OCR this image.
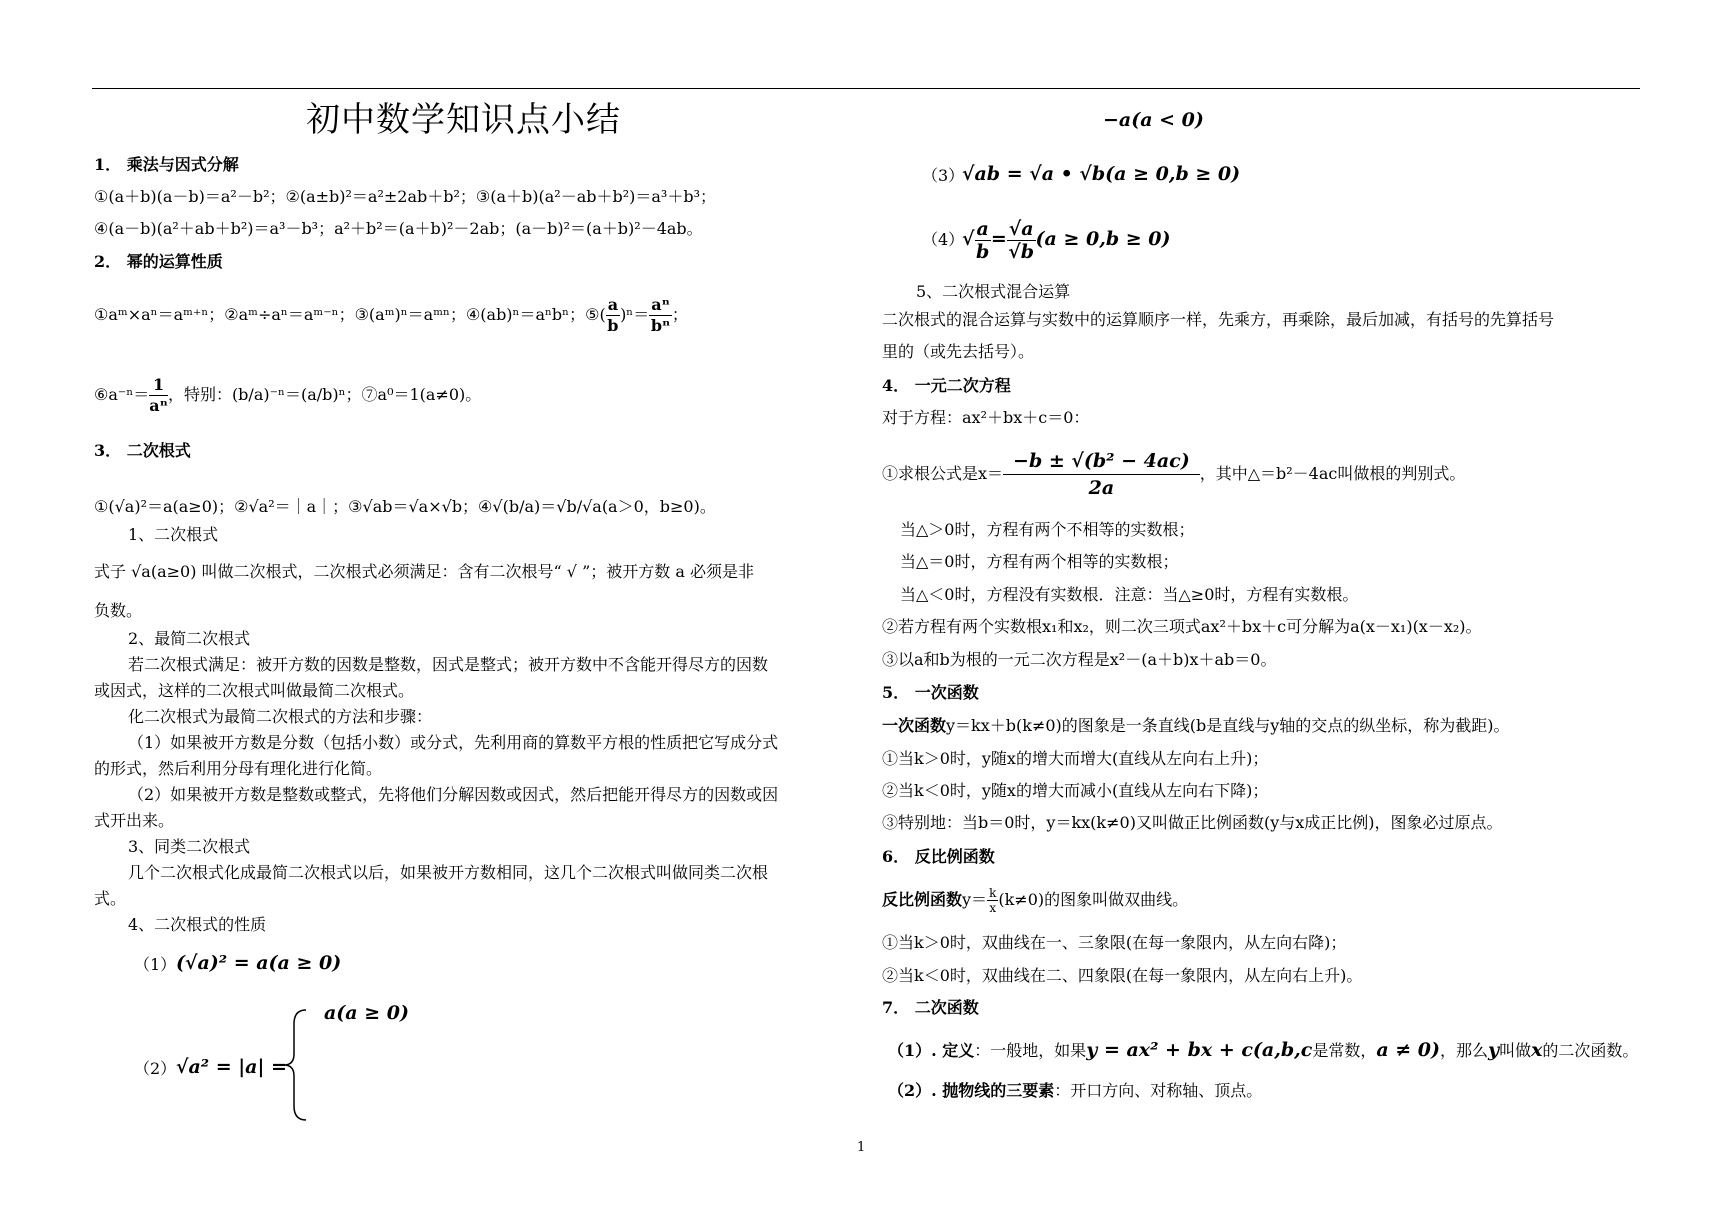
初中数学知识点小结
1． 乘法与因式分解
①(a＋b)(a－b)＝a²－b²；②(a±b)²＝a²±2ab＋b²；③(a＋b)(a²－ab＋b²)＝a³＋b³；
④(a－b)(a²＋ab＋b²)＝a³－b³；a²＋b²＝(a＋b)²－2ab；(a－b)²＝(a＋b)²－4ab。
2． 幂的运算性质
①aᵐ×aⁿ＝aᵐ⁺ⁿ；②aᵐ÷aⁿ＝aᵐ⁻ⁿ；③(aᵐ)ⁿ＝aᵐⁿ；④(ab)ⁿ＝aⁿbⁿ；⑤( $\frac{a}{b} )^n= \frac{\text{aⁿ}}{\text{bⁿ}}$ ；
⑥a⁻ⁿ＝ $\frac{1}{\text{aⁿ}}$ ，特别：(b/a)⁻ⁿ＝(a/b)ⁿ；⑦a⁰＝1(a≠0)。
3． 二次根式
①(√a)²＝a(a≥0)；②√a²＝｜a｜；③√ab＝√a×√b；④√(b/a)＝√b/√a(a＞0，b≥0)。
1、二次根式
式子 √a(a≥0) 叫做二次根式，二次根式必须满足：含有二次根号“ √ ”；被开方数 a 必须是非
负数。
2、最简二次根式
若二次根式满足：被开方数的因数是整数，因式是整式；被开方数中不含能开得尽方的因数
或因式，这样的二次根式叫做最简二次根式。
化二次根式为最简二次根式的方法和步骤：
（1）如果被开方数是分数（包括小数）或分式，先利用商的算数平方根的性质把它写成分式
的形式，然后利用分母有理化进行化简。
（2）如果被开方数是整数或整式，先将他们分解因数或因式，然后把能开得尽方的因数或因
式开出来。
3、同类二次根式
几个二次根式化成最简二次根式以后，如果被开方数相同，这几个二次根式叫做同类二次根
式。
4、二次根式的性质
（1） (√a)² = a(a ≥ 0)
a(a ≥ 0)
（2） √a² = |a| =
−a(a < 0)
（3）
√ab = √a • √b(a ≥ 0,b ≥ 0)
（4）
√ $\frac{a}{b} = \frac{√a}{√b} (a \ge 0,b \ge 0)$
5、二次根式混合运算
二次根式的混合运算与实数中的运算顺序一样，先乘方，再乘除，最后加减，有括号的先算括号
里的（或先去括号）。
4． 一元二次方程
对于方程：ax²＋bx＋c＝0：
①求根公式是$x= \frac{\text{−b ± √(b² − 4ac)}}{2a}$ ，其中△＝b²－4ac叫做根的判别式。
当△＞0时，方程有两个不相等的实数根；
当△＝0时，方程有两个相等的实数根；
当△＜0时，方程没有实数根．注意：当△≥0时，方程有实数根。
②若方程有两个实数根x₁和x₂，则二次三项式ax²＋bx＋c可分解为a(x－x₁)(x－x₂)。
③以a和b为根的一元二次方程是x²－(a＋b)x＋ab＝0。
5． 一次函数
一次函数y＝kx＋b(k≠0)的图象是一条直线(b是直线与y轴的交点的纵坐标，称为截距)。
①当k＞0时，y随x的增大而增大(直线从左向右上升)；
②当k＜0时，y随x的增大而减小(直线从左向右下降)；
③特别地：当b＝0时，y＝kx(k≠0)又叫做正比例函数(y与x成正比例)，图象必过原点。
6． 反比例函数
反比例函数$y= \frac{k}{x} (k\ne 0)$的图象叫做双曲线。
①当k＞0时，双曲线在一、三象限(在每一象限内，从左向右降)；
②当k＜0时，双曲线在二、四象限(在每一象限内，从左向右上升)。
7． 二次函数
（1）. 定义：一般地，如果y = ax² + bx + c(a,b,c是常数，a ≠ 0)，那么y叫做x的二次函数。
（2）. 抛物线的三要素：开口方向、对称轴、顶点。
1
